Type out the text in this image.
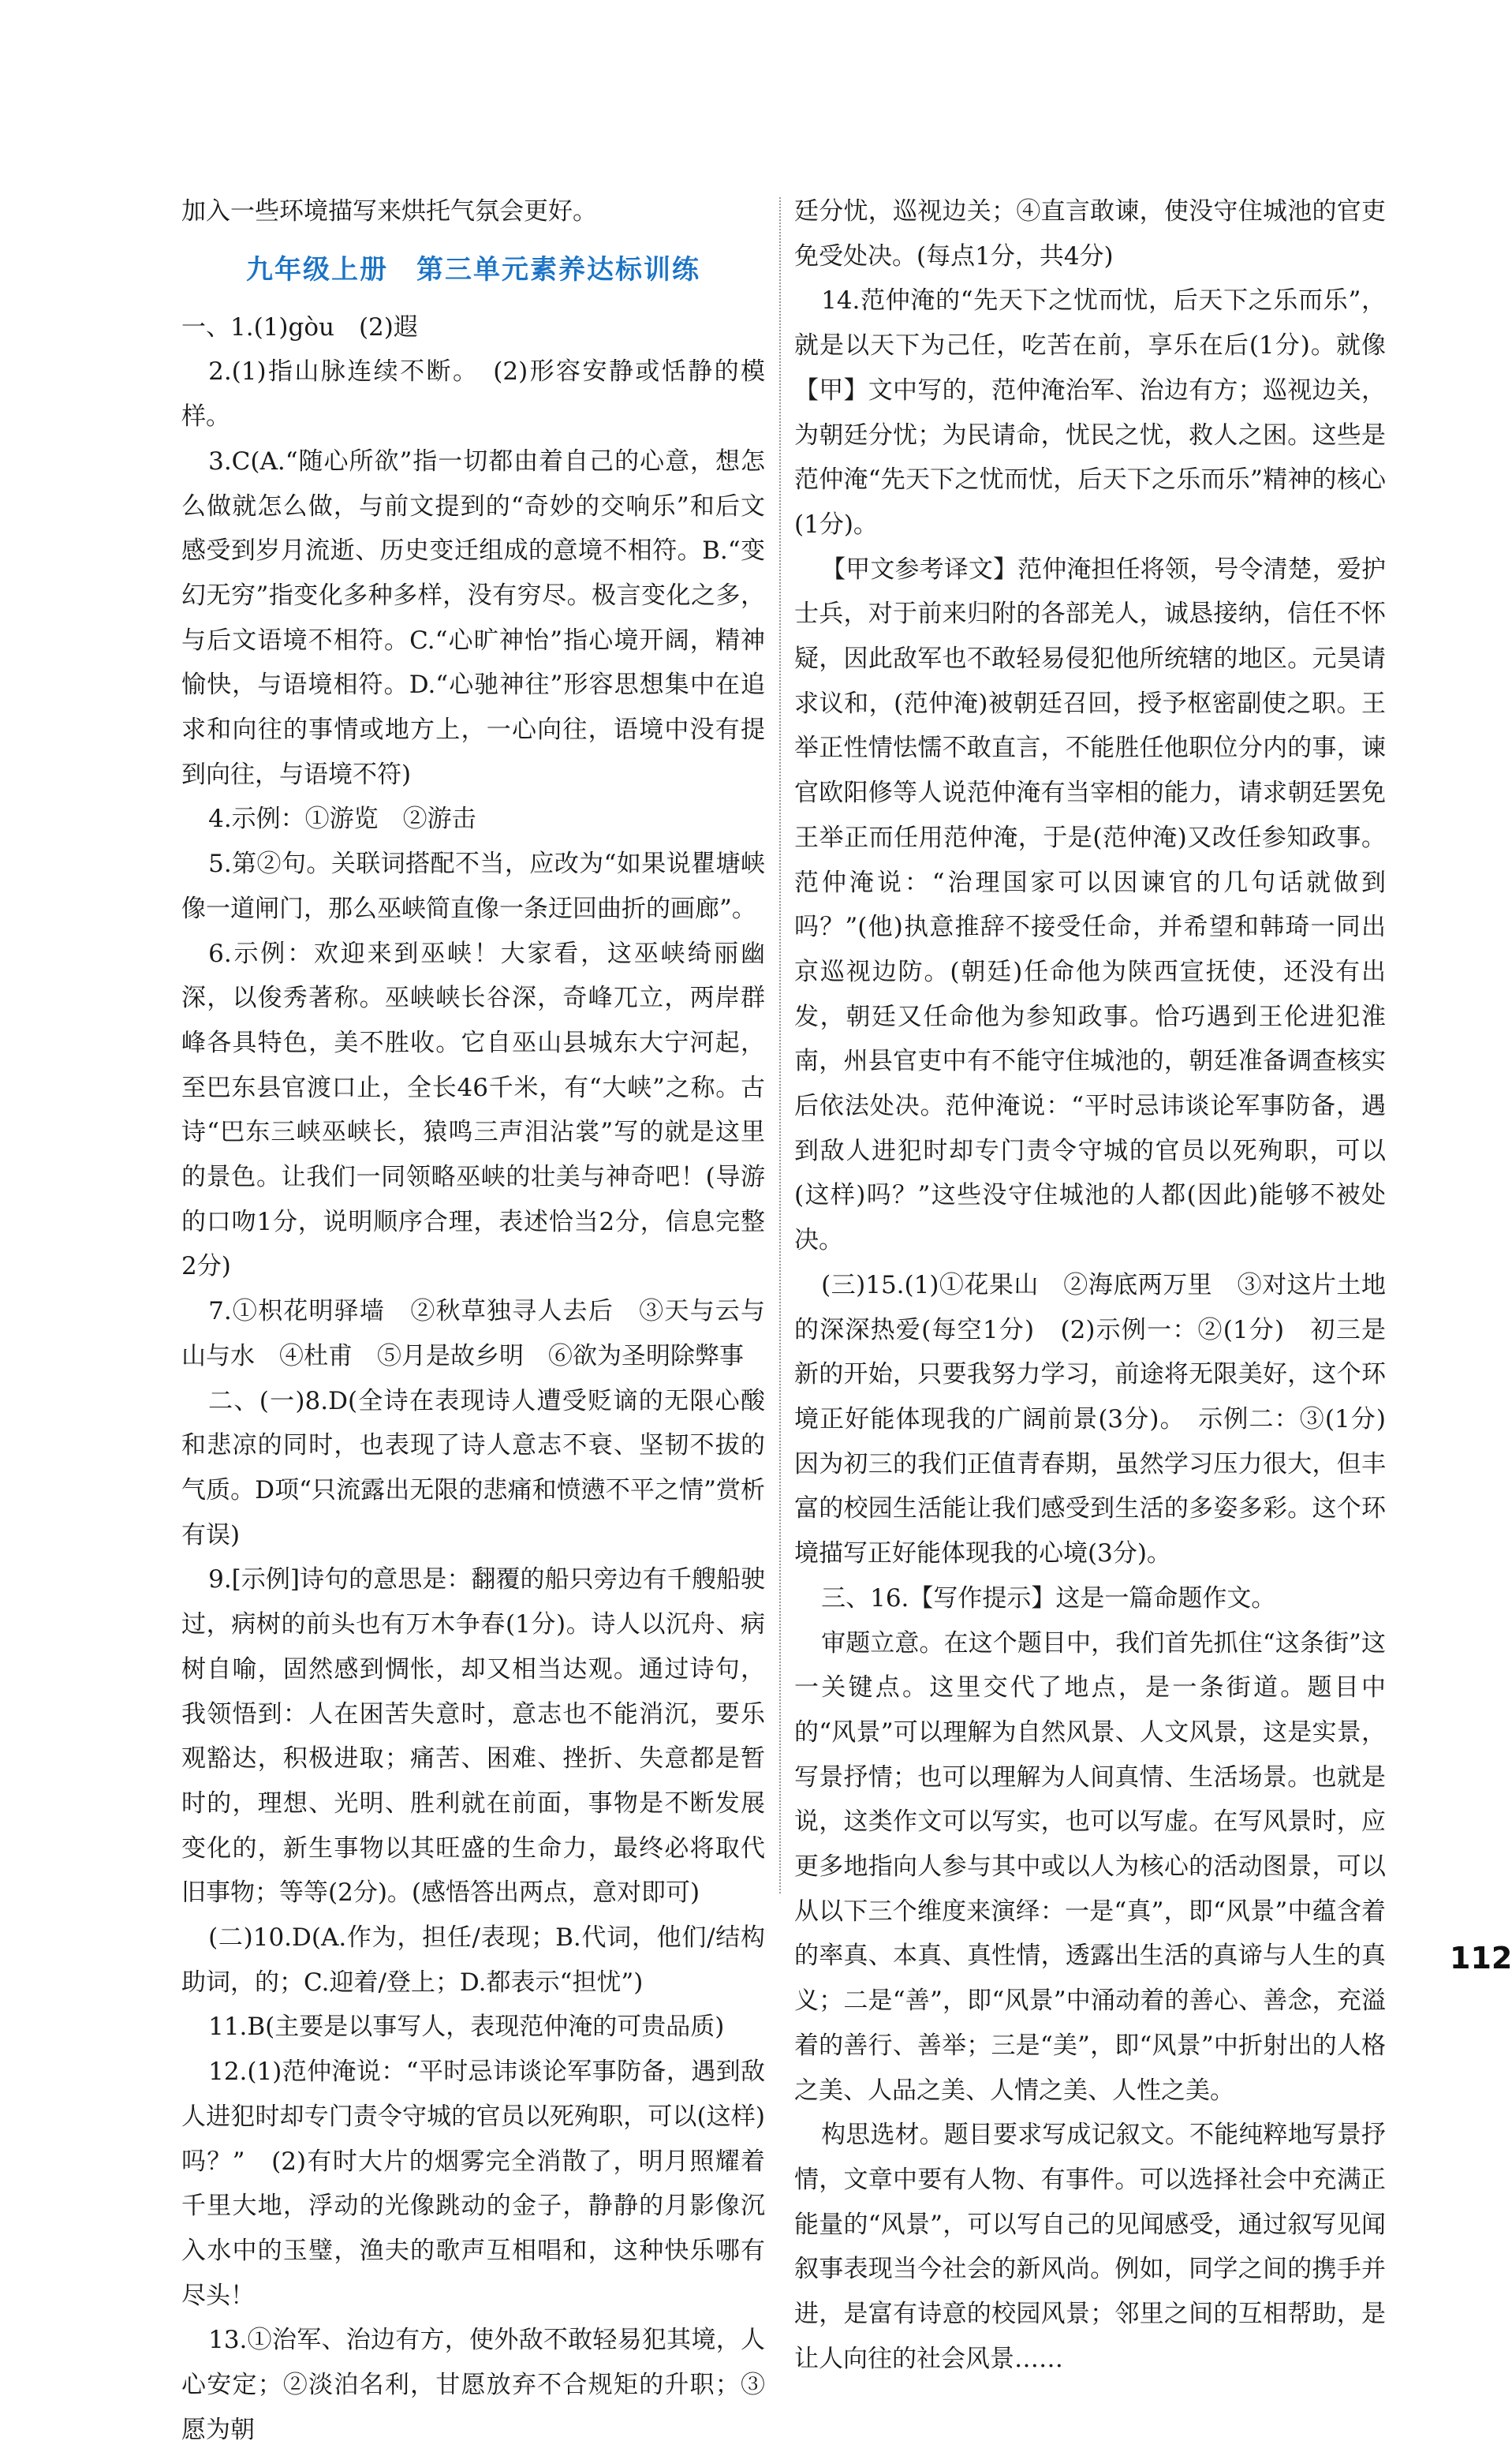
加入一些环境描写来烘托气氛会更好。

九年级上册　第三单元素养达标训练

一、1.(1)gòu　(2)遐

2.(1)指山脉连续不断。　(2)形容安静或恬静的模样。

3.C(A.“随心所欲”指一切都由着自己的心意，想怎么做就怎么做，与前文提到的“奇妙的交响乐”和后文感受到岁月流逝、历史变迁组成的意境不相符。B.“变幻无穷”指变化多种多样，没有穷尽。极言变化之多，与后文语境不相符。C.“心旷神怡”指心境开阔，精神愉快，与语境相符。D.“心驰神往”形容思想集中在追求和向往的事情或地方上，一心向往，语境中没有提到向往，与语境不符)

4.示例：①游览　②游击

5.第②句。关联词搭配不当，应改为“如果说瞿塘峡像一道闸门，那么巫峡简直像一条迂回曲折的画廊”。

6.示例：欢迎来到巫峡！大家看，这巫峡绮丽幽深，以俊秀著称。巫峡峡长谷深，奇峰兀立，两岸群峰各具特色，美不胜收。它自巫山县城东大宁河起，至巴东县官渡口止，全长46千米，有“大峡”之称。古诗“巴东三峡巫峡长，猿鸣三声泪沾裳”写的就是这里的景色。让我们一同领略巫峡的壮美与神奇吧！(导游的口吻1分，说明顺序合理，表述恰当2分，信息完整2分)

7.①枳花明驿墙　②秋草独寻人去后　③天与云与山与水　④杜甫　⑤月是故乡明　⑥欲为圣明除弊事

二、(一)8.D(全诗在表现诗人遭受贬谪的无限心酸和悲凉的同时，也表现了诗人意志不衰、坚韧不拔的气质。D项“只流露出无限的悲痛和愤懑不平之情”赏析有误)

9.[示例]诗句的意思是：翻覆的船只旁边有千艘船驶过，病树的前头也有万木争春(1分)。诗人以沉舟、病树自喻，固然感到惆怅，却又相当达观。通过诗句，我领悟到：人在困苦失意时，意志也不能消沉，要乐观豁达，积极进取；痛苦、困难、挫折、失意都是暂时的，理想、光明、胜利就在前面，事物是不断发展变化的，新生事物以其旺盛的生命力，最终必将取代旧事物；等等(2分)。(感悟答出两点，意对即可)

(二)10.D(A.作为，担任/表现；B.代词，他们/结构助词，的；C.迎着/登上；D.都表示“担忧”)

11.B(主要是以事写人，表现范仲淹的可贵品质)

12.(1)范仲淹说：“平时忌讳谈论军事防备，遇到敌人进犯时却专门责令守城的官员以死殉职，可以(这样)吗？”　(2)有时大片的烟雾完全消散了，明月照耀着千里大地，浮动的光像跳动的金子，静静的月影像沉入水中的玉璧，渔夫的歌声互相唱和，这种快乐哪有尽头！

13.①治军、治边有方，使外敌不敢轻易犯其境，人心安定；②淡泊名利，甘愿放弃不合规矩的升职；③愿为朝

廷分忧，巡视边关；④直言敢谏，使没守住城池的官吏免受处决。(每点1分，共4分)

14.范仲淹的“先天下之忧而忧，后天下之乐而乐”，就是以天下为己任，吃苦在前，享乐在后(1分)。就像【甲】文中写的，范仲淹治军、治边有方；巡视边关，为朝廷分忧；为民请命，忧民之忧，救人之困。这些是范仲淹“先天下之忧而忧，后天下之乐而乐”精神的核心(1分)。

【甲文参考译文】范仲淹担任将领，号令清楚，爱护士兵，对于前来归附的各部羌人，诚恳接纳，信任不怀疑，因此敌军也不敢轻易侵犯他所统辖的地区。元昊请求议和，(范仲淹)被朝廷召回，授予枢密副使之职。王举正性情怯懦不敢直言，不能胜任他职位分内的事，谏官欧阳修等人说范仲淹有当宰相的能力，请求朝廷罢免王举正而任用范仲淹，于是(范仲淹)又改任参知政事。范仲淹说：“治理国家可以因谏官的几句话就做到吗？”(他)执意推辞不接受任命，并希望和韩琦一同出京巡视边防。(朝廷)任命他为陕西宣抚使，还没有出发，朝廷又任命他为参知政事。恰巧遇到王伦进犯淮南，州县官吏中有不能守住城池的，朝廷准备调查核实后依法处决。范仲淹说：“平时忌讳谈论军事防备，遇到敌人进犯时却专门责令守城的官员以死殉职，可以(这样)吗？”这些没守住城池的人都(因此)能够不被处决。

(三)15.(1)①花果山　②海底两万里　③对这片土地的深深热爱(每空1分)　(2)示例一：②(1分)　初三是新的开始，只要我努力学习，前途将无限美好，这个环境正好能体现我的广阔前景(3分)。　示例二：③(1分)　因为初三的我们正值青春期，虽然学习压力很大，但丰富的校园生活能让我们感受到生活的多姿多彩。这个环境描写正好能体现我的心境(3分)。

三、16.【写作提示】这是一篇命题作文。

审题立意。在这个题目中，我们首先抓住“这条街”这一关键点。这里交代了地点，是一条街道。题目中的“风景”可以理解为自然风景、人文风景，这是实景，写景抒情；也可以理解为人间真情、生活场景。也就是说，这类作文可以写实，也可以写虚。在写风景时，应更多地指向人参与其中或以人为核心的活动图景，可以从以下三个维度来演绎：一是“真”，即“风景”中蕴含着的率真、本真、真性情，透露出生活的真谛与人生的真义；二是“善”，即“风景”中涌动着的善心、善念，充溢着的善行、善举；三是“美”，即“风景”中折射出的人格之美、人品之美、人情之美、人性之美。

构思选材。题目要求写成记叙文。不能纯粹地写景抒情，文章中要有人物、有事件。可以选择社会中充满正能量的“风景”，可以写自己的见闻感受，通过叙写见闻叙事表现当今社会的新风尚。例如，同学之间的携手并进，是富有诗意的校园风景；邻里之间的互相帮助，是让人向往的社会风景……

112
